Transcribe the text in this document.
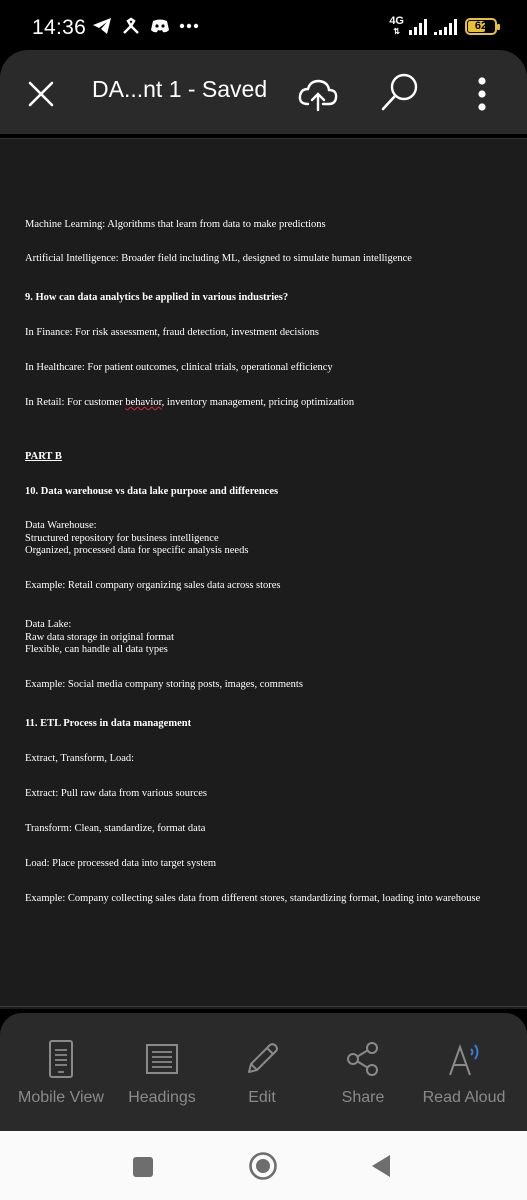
14:36	4G
⇅	62
DA...nt 1 - Saved
Machine Learning: Algorithms that learn from data to make predictions
Artificial Intelligence: Broader field including ML, designed to simulate human intelligence
9. How can data analytics be applied in various industries?
In Finance: For risk assessment, fraud detection, investment decisions
In Healthcare: For patient outcomes, clinical trials, operational efficiency
In Retail: For customer behavior, inventory management, pricing optimization
PART B
10. Data warehouse vs data lake purpose and differences
Data Warehouse:
Structured repository for business intelligence
Organized, processed data for specific analysis needs
Example: Retail company organizing sales data across stores
Data Lake:
Raw data storage in original format
Flexible, can handle all data types
Example: Social media company storing posts, images, comments
11. ETL Process in data management
Extract, Transform, Load:
Extract: Pull raw data from various sources
Transform: Clean, standardize, format data
Load: Place processed data into target system
Example: Company collecting sales data from different stores, standardizing format, loading into warehouse
Mobile View	Headings	Edit	Share	Read Aloud
